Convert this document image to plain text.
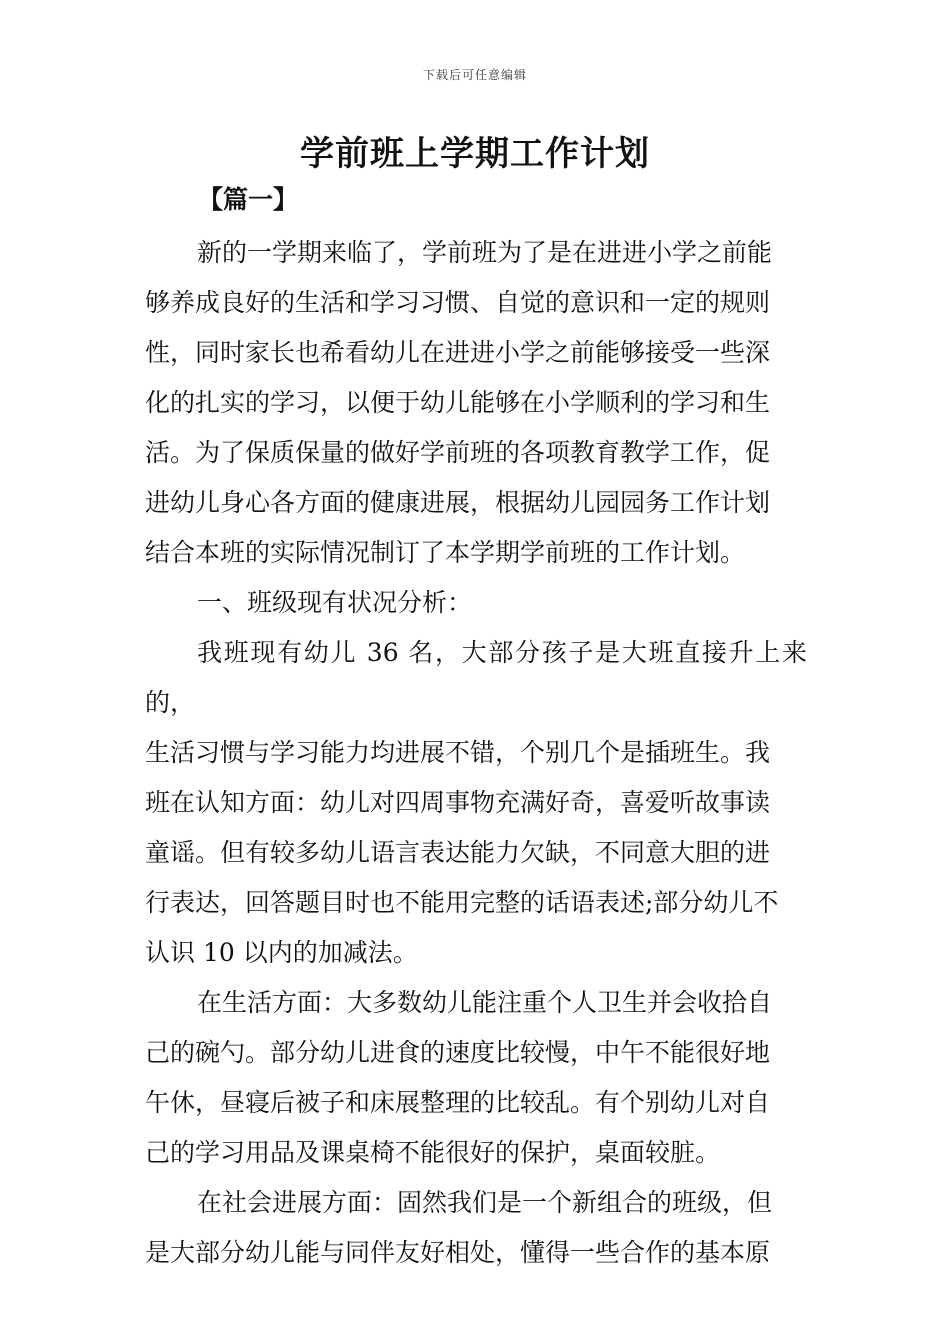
下载后可任意编辑
学前班上学期工作计划
【篇一】

新的一学期来临了，学前班为了是在进进小学之前能
够养成良好的生活和学习习惯、自觉的意识和一定的规则
性，同时家长也希看幼儿在进进小学之前能够接受一些深
化的扎实的学习，以便于幼儿能够在小学顺利的学习和生
活。为了保质保量的做好学前班的各项教育教学工作，促
进幼儿身心各方面的健康进展，根据幼儿园园务工作计划
结合本班的实际情况制订了本学期学前班的工作计划。

一、班级现有状况分析：

我班现有幼儿 36 名，大部分孩子是大班直接升上来的，
生活习惯与学习能力均进展不错，个别几个是插班生。我
班在认知方面：幼儿对四周事物充满好奇，喜爱听故事读
童谣。但有较多幼儿语言表达能力欠缺，不同意大胆的进
行表达，回答题目时也不能用完整的话语表述;部分幼儿不
认识 10 以内的加减法。

在生活方面：大多数幼儿能注重个人卫生并会收拾自
己的碗勺。部分幼儿进食的速度比较慢，中午不能很好地
午休，昼寝后被子和床展整理的比较乱。有个别幼儿对自
己的学习用品及课桌椅不能很好的保护，桌面较脏。

在社会进展方面：固然我们是一个新组合的班级，但
是大部分幼儿能与同伴友好相处，懂得一些合作的基本原
